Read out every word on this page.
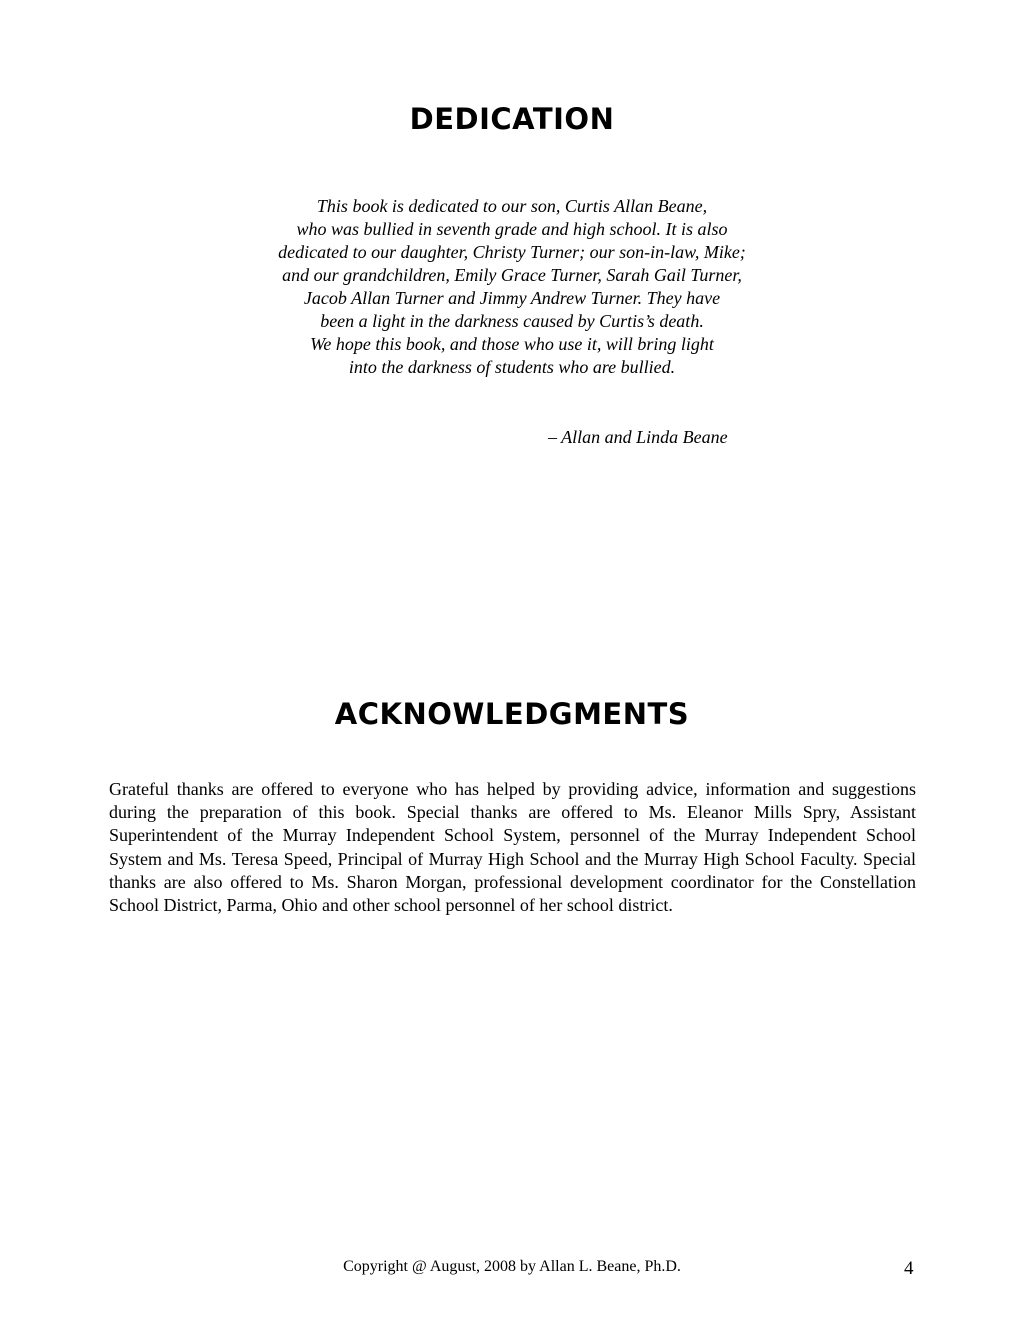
DEDICATION
This book is dedicated to our son, Curtis Allan Beane,
who was bullied in seventh grade and high school. It is also
dedicated to our daughter, Christy Turner; our son-in-law, Mike;
and our grandchildren, Emily Grace Turner, Sarah Gail Turner,
Jacob Allan Turner and Jimmy Andrew Turner. They have
been a light in the darkness caused by Curtis’s death.
We hope this book, and those who use it, will bring light
into the darkness of students who are bullied.
– Allan and Linda Beane
ACKNOWLEDGMENTS

Grateful thanks are offered to everyone who has helped by providing advice, information and suggestions during the preparation of this book. Special thanks are offered to Ms. Eleanor Mills Spry, Assistant Superintendent of the Murray Independent School System, personnel of the Murray Independent School System and Ms. Teresa Speed, Principal of Murray High School and the Murray High School Faculty. Special thanks are also offered to Ms. Sharon Morgan, professional development coordinator for the Constellation School District, Parma, Ohio and other school personnel of her school district.

Copyright @ August, 2008 by Allan L. Beane, Ph.D.	4
